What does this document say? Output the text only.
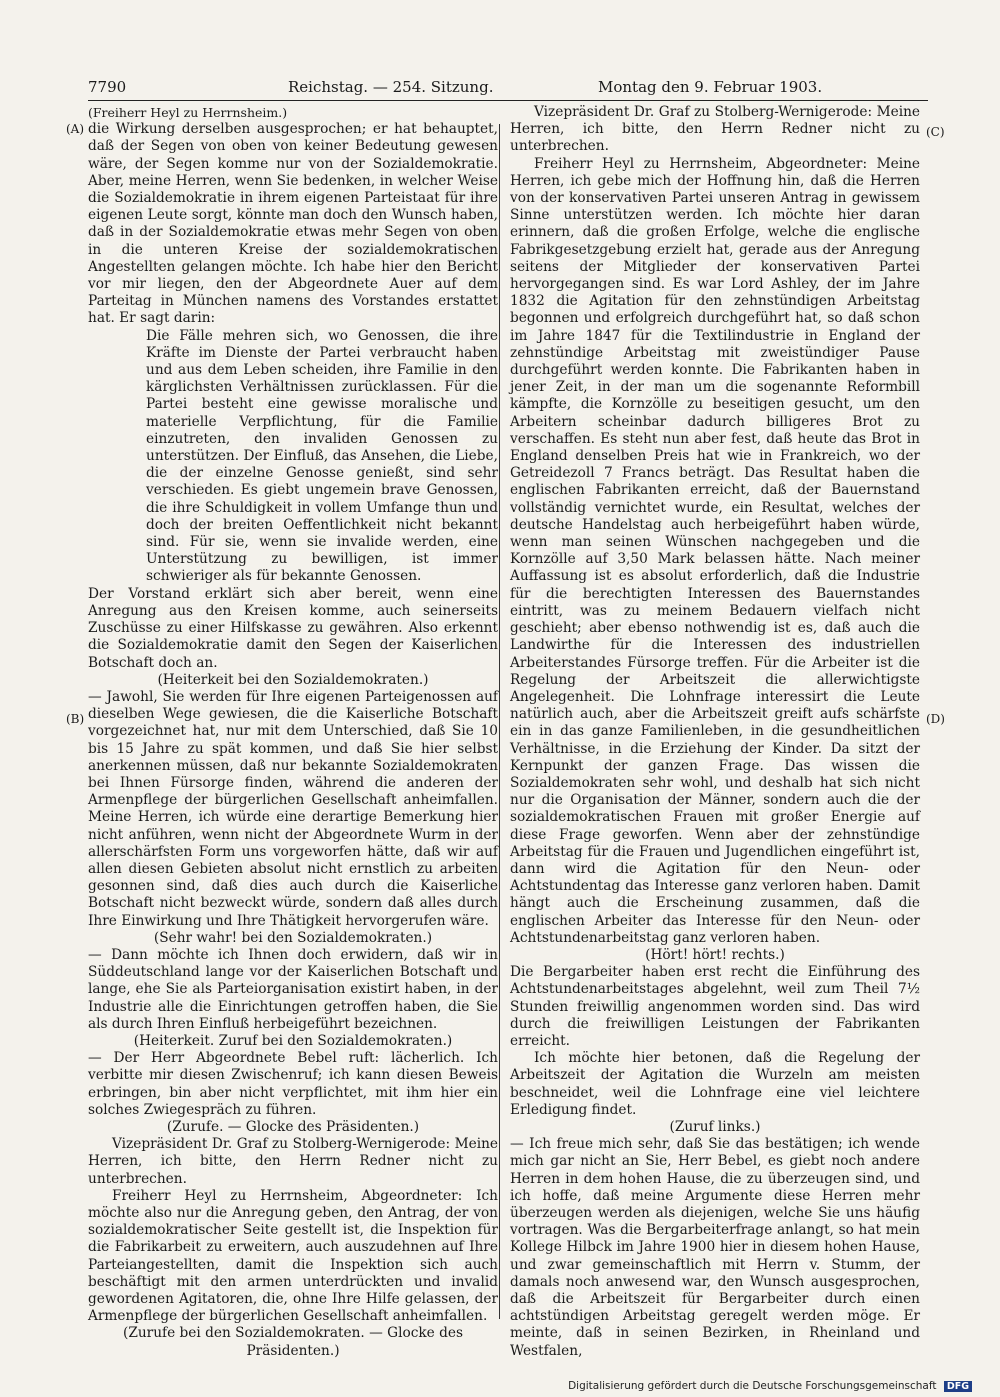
7790	Reichstag. — 254. Sitzung.	Montag den 9. Februar 1903.
(A)
(B)
(C)
(D)

(Freiherr Heyl zu Herrnsheim.)

die Wirkung derselben ausgesprochen; er hat behauptet, daß der Segen von oben von keiner Bedeutung gewesen wäre, der Segen komme nur von der Sozialdemokratie. Aber, meine Herren, wenn Sie bedenken, in welcher Weise die Sozialdemokratie in ihrem eigenen Parteistaat für ihre eigenen Leute sorgt, könnte man doch den Wunsch haben, daß in der Sozialdemokratie etwas mehr Segen von oben in die unteren Kreise der sozialdemokratischen Angestellten gelangen möchte. Ich habe hier den Bericht vor mir liegen, den der Abgeordnete Auer auf dem Parteitag in München namens des Vorstandes erstattet hat. Er sagt darin:

Die Fälle mehren sich, wo Genossen, die ihre Kräfte im Dienste der Partei verbraucht haben und aus dem Leben scheiden, ihre Familie in den kärglichsten Verhältnissen zurücklassen. Für die Partei besteht eine gewisse moralische und materielle Verpflichtung, für die Familie einzutreten, den invaliden Genossen zu unterstützen. Der Einfluß, das Ansehen, die Liebe, die der einzelne Genosse genießt, sind sehr verschieden. Es giebt ungemein brave Genossen, die ihre Schuldigkeit in vollem Umfange thun und doch der breiten Oeffentlichkeit nicht bekannt sind. Für sie, wenn sie invalide werden, eine Unterstützung zu bewilligen, ist immer schwieriger als für bekannte Genossen.

Der Vorstand erklärt sich aber bereit, wenn eine Anregung aus den Kreisen komme, auch seinerseits Zuschüsse zu einer Hilfskasse zu gewähren. Also erkennt die Sozialdemokratie damit den Segen der Kaiserlichen Botschaft doch an.

(Heiterkeit bei den Sozialdemokraten.)

— Jawohl, Sie werden für Ihre eigenen Parteigenossen auf dieselben Wege gewiesen, die die Kaiserliche Botschaft vorgezeichnet hat, nur mit dem Unterschied, daß Sie 10 bis 15 Jahre zu spät kommen, und daß Sie hier selbst anerkennen müssen, daß nur bekannte Sozialdemokraten bei Ihnen Fürsorge finden, während die anderen der Armenpflege der bürgerlichen Gesellschaft anheimfallen. Meine Herren, ich würde eine derartige Bemerkung hier nicht anführen, wenn nicht der Abgeordnete Wurm in der allerschärfsten Form uns vorgeworfen hätte, daß wir auf allen diesen Gebieten absolut nicht ernstlich zu arbeiten gesonnen sind, daß dies auch durch die Kaiserliche Botschaft nicht bezweckt würde, sondern daß alles durch Ihre Einwirkung und Ihre Thätigkeit hervorgerufen wäre.

(Sehr wahr! bei den Sozialdemokraten.)

— Dann möchte ich Ihnen doch erwidern, daß wir in Süddeutschland lange vor der Kaiserlichen Botschaft und lange, ehe Sie als Parteiorganisation existirt haben, in der Industrie alle die Einrichtungen getroffen haben, die Sie als durch Ihren Einfluß herbeigeführt bezeichnen.

(Heiterkeit. Zuruf bei den Sozialdemokraten.)

— Der Herr Abgeordnete Bebel ruft: lächerlich. Ich verbitte mir diesen Zwischenruf; ich kann diesen Beweis erbringen, bin aber nicht verpflichtet, mit ihm hier ein solches Zwiegespräch zu führen.

(Zurufe. — Glocke des Präsidenten.)

Vizepräsident Dr. Graf zu Stolberg-Wernigerode: Meine Herren, ich bitte, den Herrn Redner nicht zu unterbrechen.

Freiherr Heyl zu Herrnsheim, Abgeordneter: Ich möchte also nur die Anregung geben, den Antrag, der von sozialdemokratischer Seite gestellt ist, die Inspektion für die Fabrikarbeit zu erweitern, auch auszudehnen auf Ihre Parteiangestellten, damit die Inspektion sich auch beschäftigt mit den armen unterdrückten und invalid gewordenen Agitatoren, die, ohne Ihre Hilfe gelassen, der Armenpflege der bürgerlichen Gesellschaft anheimfallen.

(Zurufe bei den Sozialdemokraten. — Glocke des Präsidenten.)

Vizepräsident Dr. Graf zu Stolberg-Wernigerode: Meine Herren, ich bitte, den Herrn Redner nicht zu unterbrechen.

Freiherr Heyl zu Herrnsheim, Abgeordneter: Meine Herren, ich gebe mich der Hoffnung hin, daß die Herren von der konservativen Partei unseren Antrag in gewissem Sinne unterstützen werden. Ich möchte hier daran erinnern, daß die großen Erfolge, welche die englische Fabrikgesetzgebung erzielt hat, gerade aus der Anregung seitens der Mitglieder der konservativen Partei hervorgegangen sind. Es war Lord Ashley, der im Jahre 1832 die Agitation für den zehnstündigen Arbeitstag begonnen und erfolgreich durchgeführt hat, so daß schon im Jahre 1847 für die Textilindustrie in England der zehnstündige Arbeitstag mit zweistündiger Pause durchgeführt werden konnte. Die Fabrikanten haben in jener Zeit, in der man um die sogenannte Reformbill kämpfte, die Kornzölle zu beseitigen gesucht, um den Arbeitern scheinbar dadurch billigeres Brot zu verschaffen. Es steht nun aber fest, daß heute das Brot in England denselben Preis hat wie in Frankreich, wo der Getreidezoll 7 Francs beträgt. Das Resultat haben die englischen Fabrikanten erreicht, daß der Bauernstand vollständig vernichtet wurde, ein Resultat, welches der deutsche Handelstag auch herbeigeführt haben würde, wenn man seinen Wünschen nachgegeben und die Kornzölle auf 3,50 Mark belassen hätte. Nach meiner Auffassung ist es absolut erforderlich, daß die Industrie für die berechtigten Interessen des Bauernstandes eintritt, was zu meinem Bedauern vielfach nicht geschieht; aber ebenso nothwendig ist es, daß auch die Landwirthe für die Interessen des industriellen Arbeiterstandes Fürsorge treffen. Für die Arbeiter ist die Regelung der Arbeitszeit die allerwichtigste Angelegenheit. Die Lohnfrage interessirt die Leute natürlich auch, aber die Arbeitszeit greift aufs schärfste ein in das ganze Familienleben, in die gesundheitlichen Verhältnisse, in die Erziehung der Kinder. Da sitzt der Kernpunkt der ganzen Frage. Das wissen die Sozialdemokraten sehr wohl, und deshalb hat sich nicht nur die Organisation der Männer, sondern auch die der sozialdemokratischen Frauen mit großer Energie auf diese Frage geworfen. Wenn aber der zehnstündige Arbeitstag für die Frauen und Jugendlichen eingeführt ist, dann wird die Agitation für den Neun- oder Achtstundentag das Interesse ganz verloren haben. Damit hängt auch die Erscheinung zusammen, daß die englischen Arbeiter das Interesse für den Neun- oder Achtstundenarbeitstag ganz verloren haben.

(Hört! hört! rechts.)

Die Bergarbeiter haben erst recht die Einführung des Achtstundenarbeitstages abgelehnt, weil zum Theil 7½ Stunden freiwillig angenommen worden sind. Das wird durch die freiwilligen Leistungen der Fabrikanten erreicht.

Ich möchte hier betonen, daß die Regelung der Arbeitszeit der Agitation die Wurzeln am meisten beschneidet, weil die Lohnfrage eine viel leichtere Erledigung findet.

(Zuruf links.)

— Ich freue mich sehr, daß Sie das bestätigen; ich wende mich gar nicht an Sie, Herr Bebel, es giebt noch andere Herren in dem hohen Hause, die zu überzeugen sind, und ich hoffe, daß meine Argumente diese Herren mehr überzeugen werden als diejenigen, welche Sie uns häufig vortragen. Was die Bergarbeiterfrage anlangt, so hat mein Kollege Hilbck im Jahre 1900 hier in diesem hohen Hause, und zwar gemeinschaftlich mit Herrn v. Stumm, der damals noch anwesend war, den Wunsch ausgesprochen, daß die Arbeitszeit für Bergarbeiter durch einen achtstündigen Arbeitstag geregelt werden möge. Er meinte, daß in seinen Bezirken, in Rheinland und Westfalen,

Digitalisierung gefördert durch die Deutsche Forschungsgemeinschaft DFG
